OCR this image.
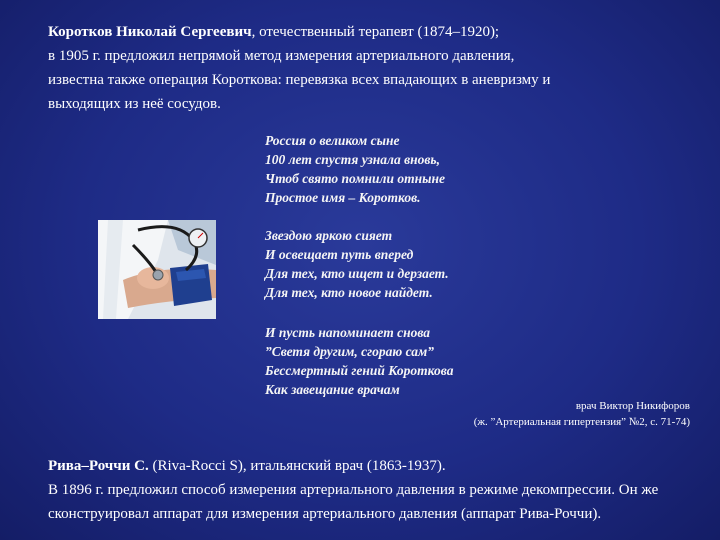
Коротков Николай Сергеевич, отечественный терапевт (1874–1920);
в 1905 г. предложил непрямой метод измерения артериального давления,
известна также операция Короткова: перевязка всех впадающих в аневризму и
выходящих из неё сосудов.
Россия о великом сыне
100 лет спустя узнала вновь,
Чтоб свято помнили отныне
Простое имя – Коротков.
Звездою яркою сияет
И освещает путь вперед
Для тех, кто ищет и дерзает.
Для тех, кто новое найдет.
И пусть напоминает снова
”Светя другим, сгораю сам”
Бессмертный гений Короткова
Как завещание врачам
врач Виктор Никифоров
(ж. ”Артериальная гипертензия” №2, с. 71-74)
Рива–Роччи С. (Riva-Rocci S), итальянский врач (1863-1937).
В 1896 г. предложил способ измерения артериального давления в режиме декомпрессии. Он же
сконструировал аппарат для измерения артериального давления (аппарат Рива-Роччи).
